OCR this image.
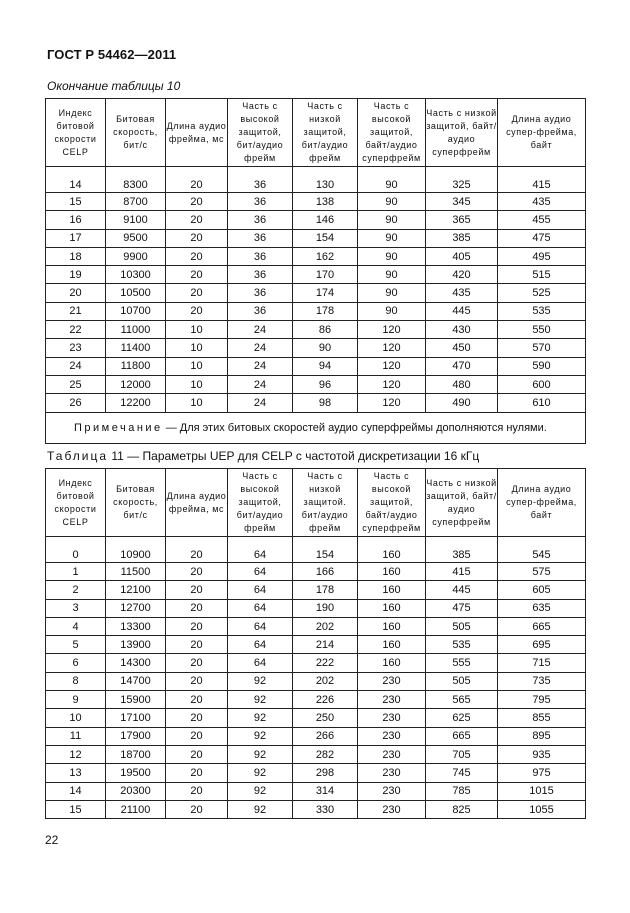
ГОСТ Р 54462—2011
Окончание таблицы 10
Индекс битовой скорости CELP	Битовая скорость, бит/с	Длина аудио фрейма, мс	Часть с высокой защитой, бит/аудио фрейм	Часть с низкой защитой, бит/аудио фрейм	Часть с высокой защитой, байт/аудио суперфрейм	Часть с низкой защитой, байт/аудио суперфрейм	Длина аудио супер-фрейма, байт
14	8300	20	36	130	90	325	415
15	8700	20	36	138	90	345	435
16	9100	20	36	146	90	365	455
17	9500	20	36	154	90	385	475
18	9900	20	36	162	90	405	495
19	10300	20	36	170	90	420	515
20	10500	20	36	174	90	435	525
21	10700	20	36	178	90	445	535
22	11000	10	24	86	120	430	550
23	11400	10	24	90	120	450	570
24	11800	10	24	94	120	470	590
25	12000	10	24	96	120	480	600
26	12200	10	24	98	120	490	610
Примечание — Для этих битовых скоростей аудио суперфреймы дополняются нулями.							
Таблица 11 — Параметры UEP для CELP с частотой дискретизации 16 кГц
Индекс битовой скорости CELP	Битовая скорость, бит/с	Длина аудио фрейма, мс	Часть с высокой защитой, бит/аудио фрейм	Часть с низкой защитой. бит/аудио фрейм	Часть с высокой защитой, байт/аудио суперфрейм	Часть с низкой защитой, байт/аудио суперфрейм	Длина аудио супер-фрейма, байт
0	10900	20	64	154	160	385	545
1	11500	20	64	166	160	415	575
2	12100	20	64	178	160	445	605
3	12700	20	64	190	160	475	635
4	13300	20	64	202	160	505	665
5	13900	20	64	214	160	535	695
6	14300	20	64	222	160	555	715
8	14700	20	92	202	230	505	735
9	15900	20	92	226	230	565	795
10	17100	20	92	250	230	625	855
11	17900	20	92	266	230	665	895
12	18700	20	92	282	230	705	935
13	19500	20	92	298	230	745	975
14	20300	20	92	314	230	785	1015
15	21100	20	92	330	230	825	1055
22
